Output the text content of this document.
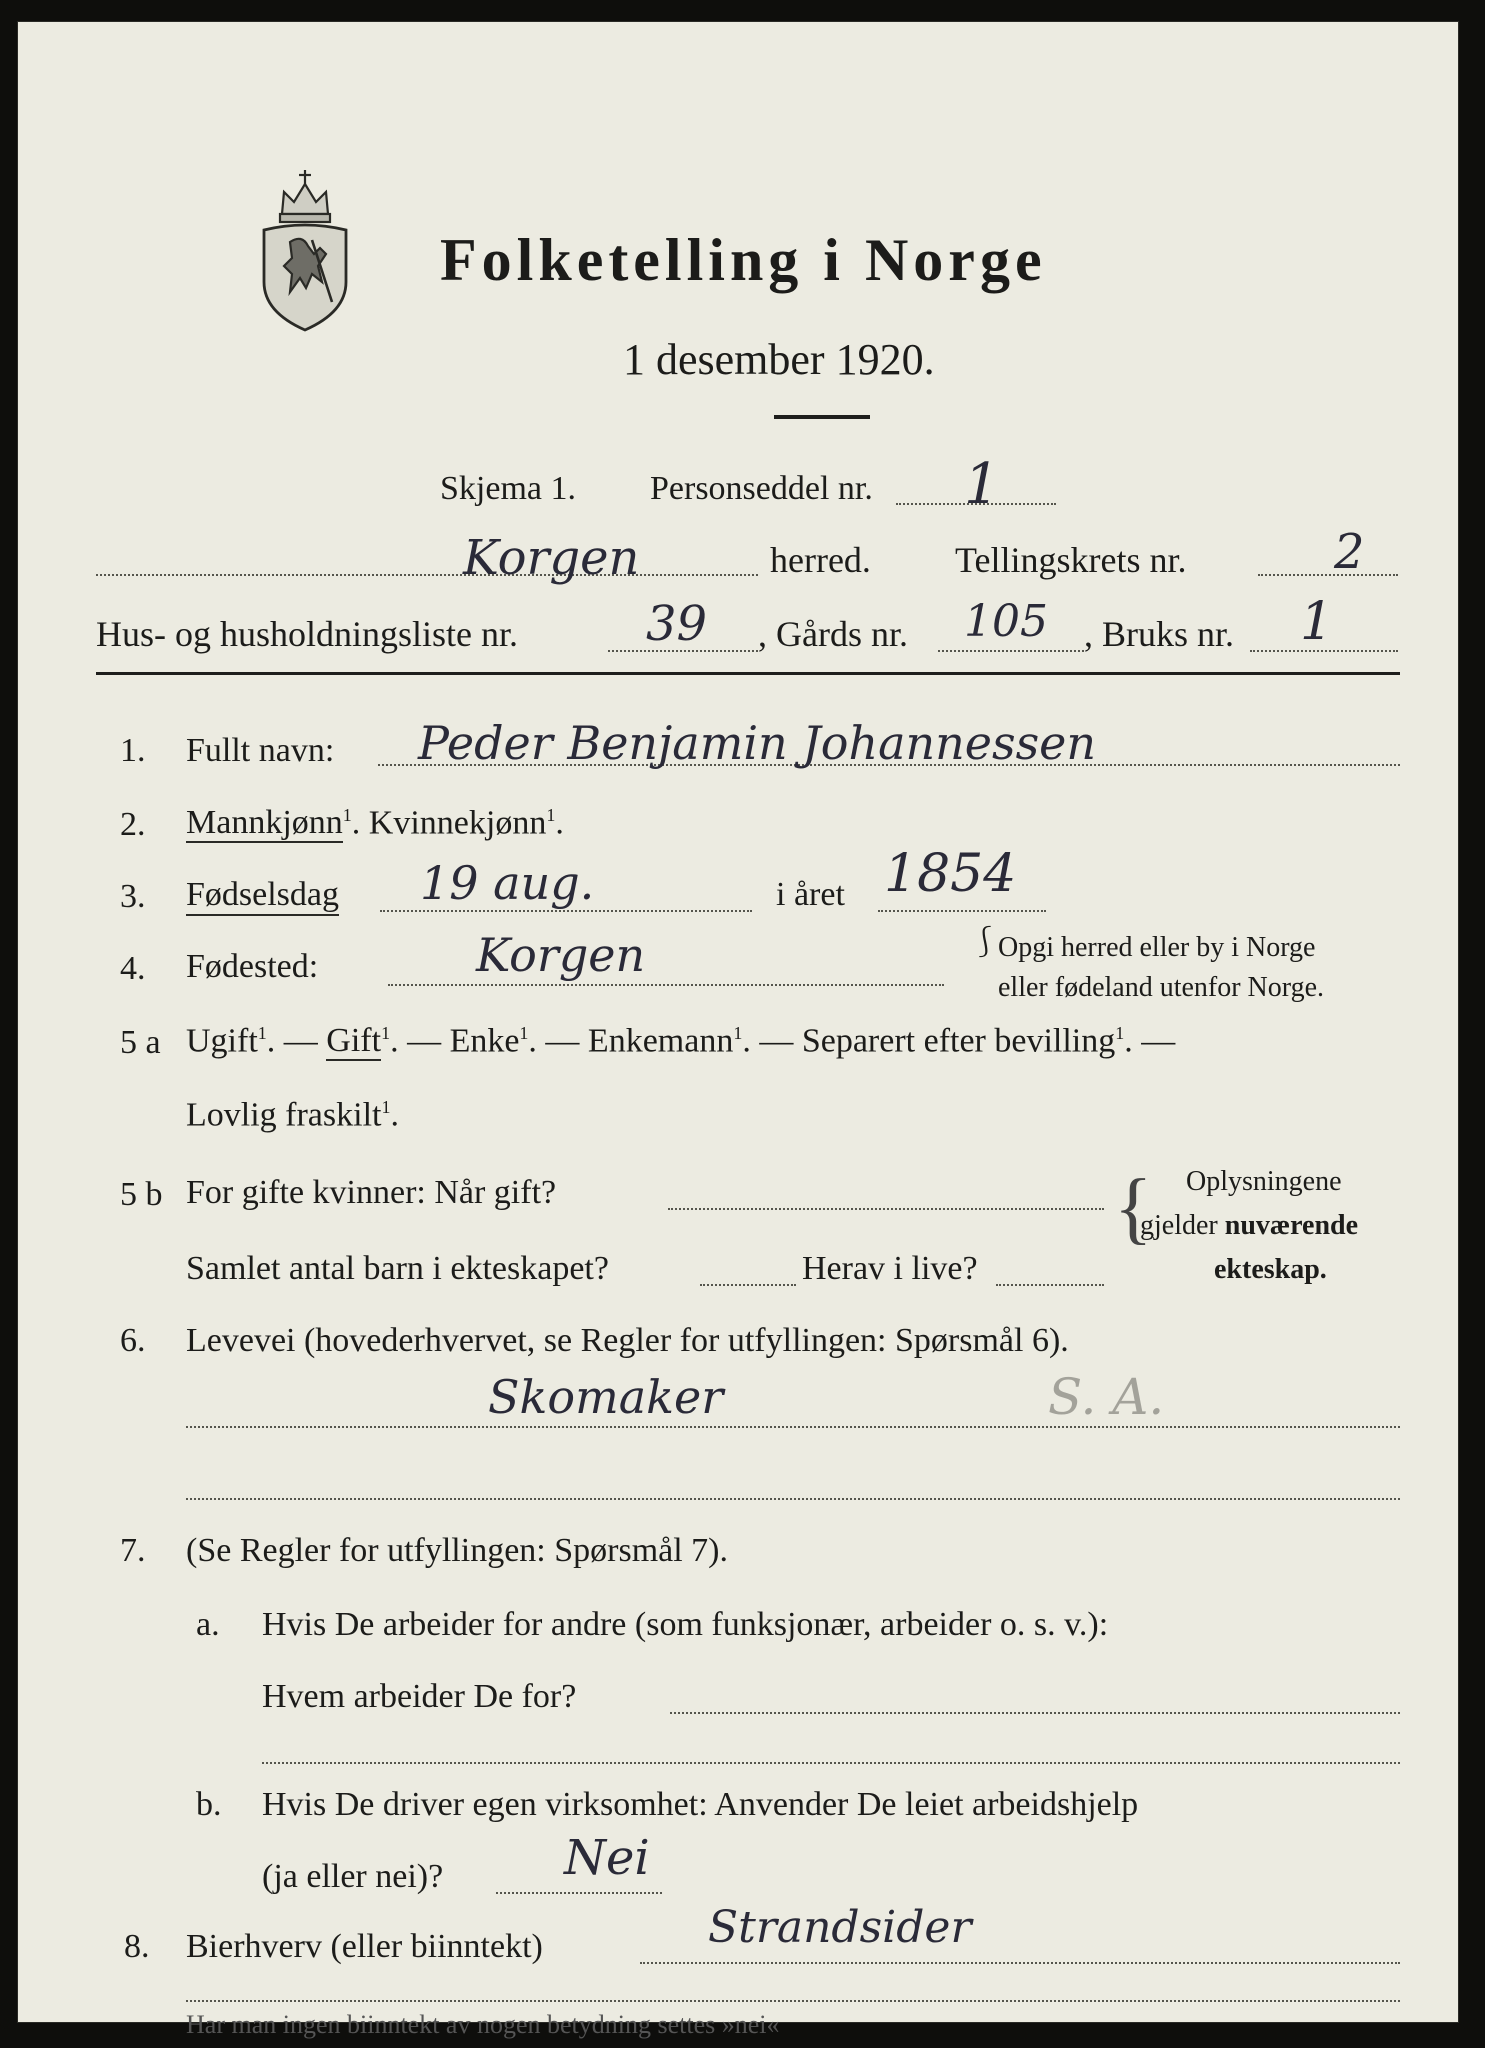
Folketelling i Norge
1 desember 1920.
Skjema 1. Personseddel nr. 1
Korgen	herred. Tellingskrets nr.	2
Hus- og husholdningsliste nr.	39 , Gårds nr. 105 , Bruks nr. 1
1. Fullt navn: Peder Benjamin Johannessen
2. Mannkjønn$^1$. Kvinnekjønn$^1$.
3. Fødselsdag 19 aug.	i året 1854
4. Fødested:	Korgen	⎰
Opgi herred eller by i Norge
eller fødeland utenfor Norge.
5 a Ugift$^1$. — Gift$^1$. — Enke$^1$. — Enkemann$^1$. — Separert efter bevilling$^1$. —
Lovlig fraskilt$^1$.
5 b For gifte kvinner: Når gift?
Samlet antal barn i ekteskapet?	Herav i live?
{ Oplysningene
gjelder nuværende
ekteskap.
6. Levevei (hovederhvervet, se Regler for utfyllingen: Spørsmål 6).
Skomaker	S. A.
7. (Se Regler for utfyllingen: Spørsmål 7).
a. Hvis De arbeider for andre (som funksjonær, arbeider o. s. v.):
Hvem arbeider De for?
b. Hvis De driver egen virksomhet: Anvender De leiet arbeidshjelp
(ja eller nei)?	Nei
8. Bierhverv (eller biinntekt)	Strandsider
Har man ingen biinntekt av nogen betydning settes »nei«
